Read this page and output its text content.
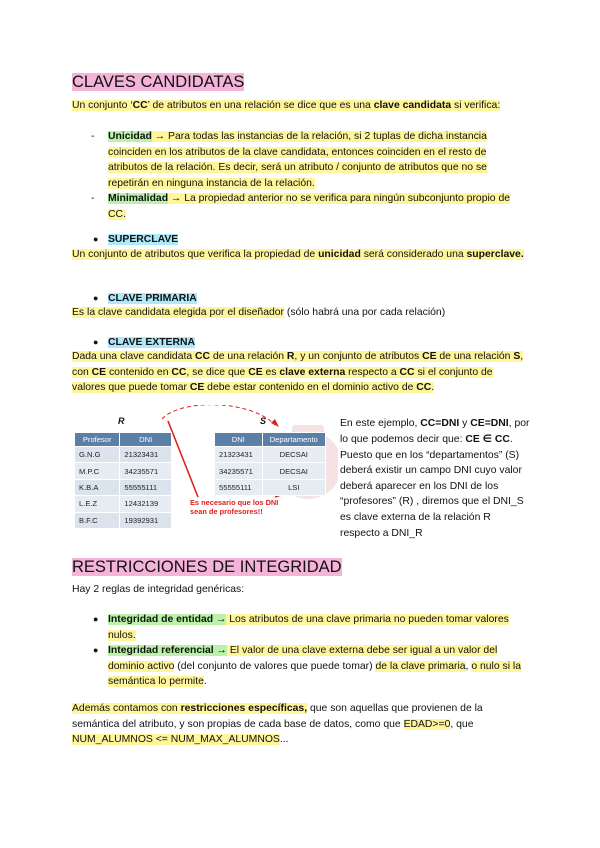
CLAVES CANDIDATAS

Un conjunto ‘CC’ de atributos en una relación se dice que es una clave candidata si verifica:

- Unicidad → Para todas las instancias de la relación, si 2 tuplas de dicha instancia coinciden en los atributos de la clave candidata, entonces coinciden en el resto de atributos de la relación. Es decir, será un atributo / conjunto de atributos que no se repetirán en ninguna instancia de la relación.

- Minimalidad → La propiedad anterior no se verifica para ningún subconjunto propio de CC.

● SUPERCLAVE

Un conjunto de atributos que verifica la propiedad de unicidad será considerado una superclave.

● CLAVE PRIMARIA

Es la clave candidata elegida por el diseñador (sólo habrá una por cada relación)

● CLAVE EXTERNA

Dada una clave candidata CC de una relación R, y un conjunto de atributos CE de una relación S, con CE contenido en CC, se dice que CE es clave externa respecto a CC si el conjunto de valores que puede tomar CE debe estar contenido en el dominio activo de CC.

R	S
Profesor	DNI
G.N.G	21323431
M.P.C	34235571
K.B.A	55555111
L.E.Z	12432139
B.F.C	19392931
DNI	Departamento
21323431	DECSAI
34235571	DECSAI
55555111	LSI
Es necesario que los DNI
sean de profesores!!

En este ejemplo, CC=DNI y CE=DNI, por lo que podemos decir que: CE ∈ CC. Puesto que en los “departamentos” (S) deberá existir un campo DNI cuyo valor deberá aparecer en los DNI de los “profesores” (R) , diremos que el DNI_S es clave externa de la relación R respecto a DNI_R

RESTRICCIONES DE INTEGRIDAD

Hay 2 reglas de integridad genéricas:

● Integridad de entidad → Los atributos de una clave primaria no pueden tomar valores nulos.

● Integridad referencial → El valor de una clave externa debe ser igual a un valor del dominio activo (del conjunto de valores que puede tomar) de la clave primaria, o nulo si la semántica lo permite.

Además contamos con restricciones específicas, que son aquellas que provienen de la semántica del atributo, y son propias de cada base de datos, como que EDAD>=0, que NUM_ALUMNOS <= NUM_MAX_ALUMNOS...
